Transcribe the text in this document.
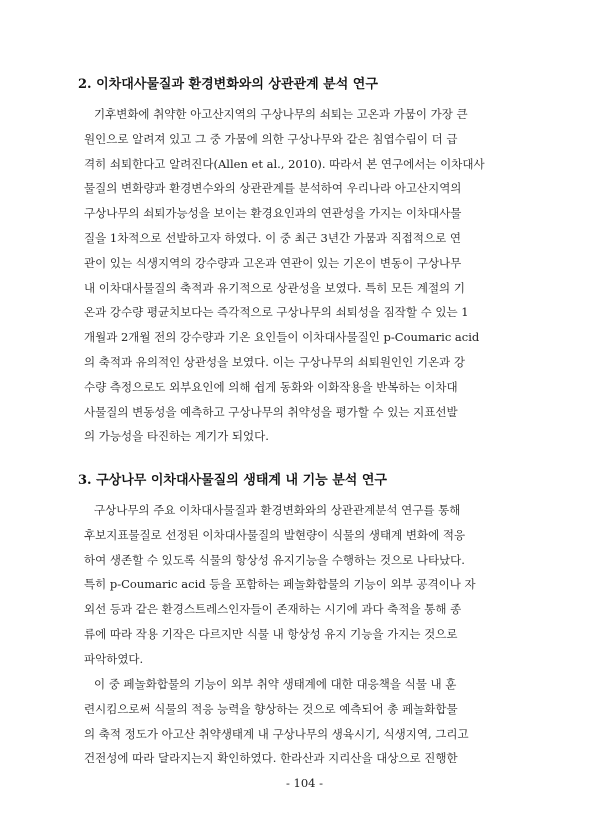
2. 이차대사물질과 환경변화와의 상관관계 분석 연구
기후변화에 취약한 아고산지역의 구상나무의 쇠퇴는 고온과 가뭄이 가장 큰
원인으로 알려져 있고 그 중 가뭄에 의한 구상나무와 같은 침엽수림이 더 급
격히 쇠퇴한다고 알려진다(Allen et al., 2010). 따라서 본 연구에서는 이차대사
물질의 변화량과 환경변수와의 상관관계를 분석하여 우리나라 아고산지역의
구상나무의 쇠퇴가능성을 보이는 환경요인과의 연관성을 가지는 이차대사물
질을 1차적으로 선발하고자 하였다. 이 중 최근 3년간 가뭄과 직접적으로 연
관이 있는 식생지역의 강수량과 고온과 연관이 있는 기온이 변동이 구상나무
내 이차대사물질의 축적과 유기적으로 상관성을 보였다. 특히 모든 계절의 기
온과 강수량 평균치보다는 즉각적으로 구상나무의 쇠퇴성을 짐작할 수 있는 1
개월과 2개월 전의 강수량과 기온 요인들이 이차대사물질인 p-Coumaric acid
의 축적과 유의적인 상관성을 보였다. 이는 구상나무의 쇠퇴원인인 기온과 강
수량 측정으로도 외부요인에 의해 쉽게 동화와 이화작용을 반복하는 이차대
사물질의 변동성을 예측하고 구상나무의 취약성을 평가할 수 있는 지표선발
의 가능성을 타진하는 계기가 되었다.
3. 구상나무 이차대사물질의 생태계 내 기능 분석 연구
구상나무의 주요 이차대사물질과 환경변화와의 상관관계분석 연구를 통해
후보지표물질로 선정된 이차대사물질의 발현량이 식물의 생태계 변화에 적응
하여 생존할 수 있도록 식물의 항상성 유지기능을 수행하는 것으로 나타났다.
특히 p-Coumaric acid 등을 포함하는 페놀화합물의 기능이 외부 공격이나 자
외선 등과 같은 환경스트레스인자들이 존재하는 시기에 과다 축적을 통해 종
류에 따라 작용 기작은 다르지만 식물 내 항상성 유지 기능을 가지는 것으로
파악하였다.
이 중 페놀화합물의 기능이 외부 취약 생태계에 대한 대응책을 식물 내 훈
련시킴으로써 식물의 적응 능력을 향상하는 것으로 예측되어 총 페놀화합물
의 축적 정도가 아고산 취약생태계 내 구상나무의 생육시기, 식생지역, 그리고
건전성에 따라 달라지는지 확인하였다. 한라산과 지리산을 대상으로 진행한
- 104 -
